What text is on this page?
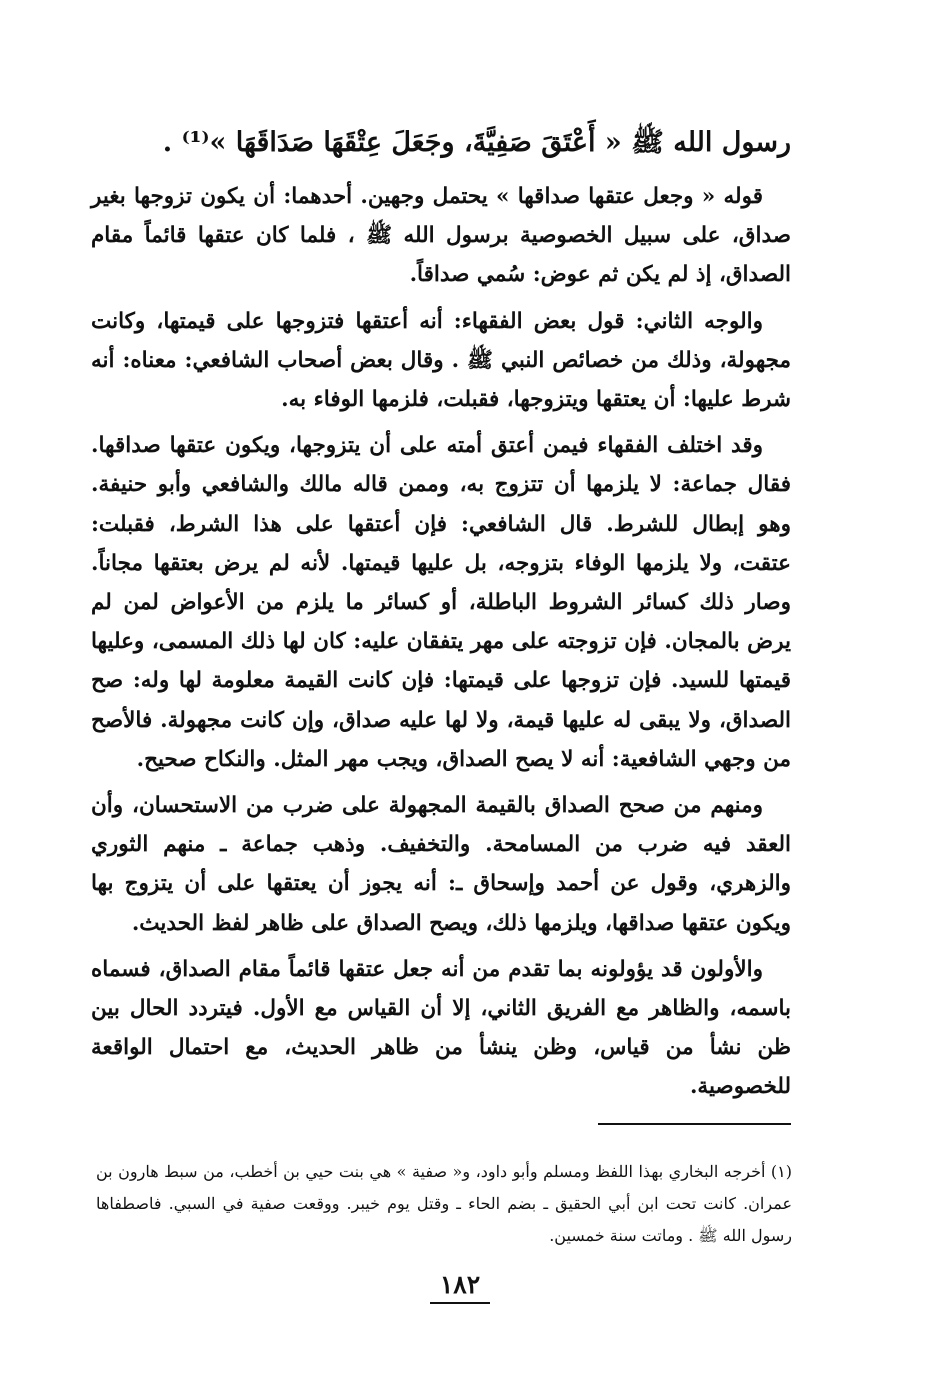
رسول الله ﷺ « أَعْتَقَ صَفِيَّةَ، وجَعَلَ عِتْقَهَا صَدَاقَهَا »⁽¹⁾ .

قوله « وجعل عتقها صداقها » يحتمل وجهين. أحدهما: أن يكون تزوجها بغير صداق، على سبيل الخصوصية برسول الله ﷺ ، فلما كان عتقها قائماً مقام الصداق، إذ لم يكن ثم عوض: سُمي صداقاً.

والوجه الثاني: قول بعض الفقهاء: أنه أعتقها فتزوجها على قيمتها، وكانت مجهولة، وذلك من خصائص النبي ﷺ . وقال بعض أصحاب الشافعي: معناه: أنه شرط عليها: أن يعتقها ويتزوجها، فقبلت، فلزمها الوفاء به.

وقد اختلف الفقهاء فيمن أعتق أمته على أن يتزوجها، ويكون عتقها صداقها. فقال جماعة: لا يلزمها أن تتزوج به، وممن قاله مالك والشافعي وأبو حنيفة. وهو إبطال للشرط. قال الشافعي: فإن أعتقها على هذا الشرط، فقبلت: عتقت، ولا يلزمها الوفاء بتزوجه، بل عليها قيمتها. لأنه لم يرض بعتقها مجاناً. وصار ذلك كسائر الشروط الباطلة، أو كسائر ما يلزم من الأعواض لمن لم يرض بالمجان. فإن تزوجته على مهر يتفقان عليه: كان لها ذلك المسمى، وعليها قيمتها للسيد. فإن تزوجها على قيمتها: فإن كانت القيمة معلومة لها وله: صح الصداق، ولا يبقى له عليها قيمة، ولا لها عليه صداق، وإن كانت مجهولة. فالأصح من وجهي الشافعية: أنه لا يصح الصداق، ويجب مهر المثل. والنكاح صحيح.

ومنهم من صحح الصداق بالقيمة المجهولة على ضرب من الاستحسان، وأن العقد فيه ضرب من المسامحة. والتخفيف. وذهب جماعة ـ منهم الثوري والزهري، وقول عن أحمد وإسحاق ـ: أنه يجوز أن يعتقها على أن يتزوج بها ويكون عتقها صداقها، ويلزمها ذلك، ويصح الصداق على ظاهر لفظ الحديث.

والأولون قد يؤولونه بما تقدم من أنه جعل عتقها قائماً مقام الصداق، فسماه باسمه، والظاهر مع الفريق الثاني، إلا أن القياس مع الأول. فيتردد الحال بين ظن نشأ من قياس، وظن ينشأ من ظاهر الحديث، مع احتمال الواقعة للخصوصية.

(١) أخرجه البخاري بهذا اللفظ ومسلم وأبو داود، و« صفية » هي بنت حيي بن أخطب، من سبط هارون بن عمران. كانت تحت ابن أبي الحقيق ـ بضم الحاء ـ وقتل يوم خيبر. ووقعت صفية في السبي. فاصطفاها رسول الله ﷺ . وماتت سنة خمسين.

١٨٢
